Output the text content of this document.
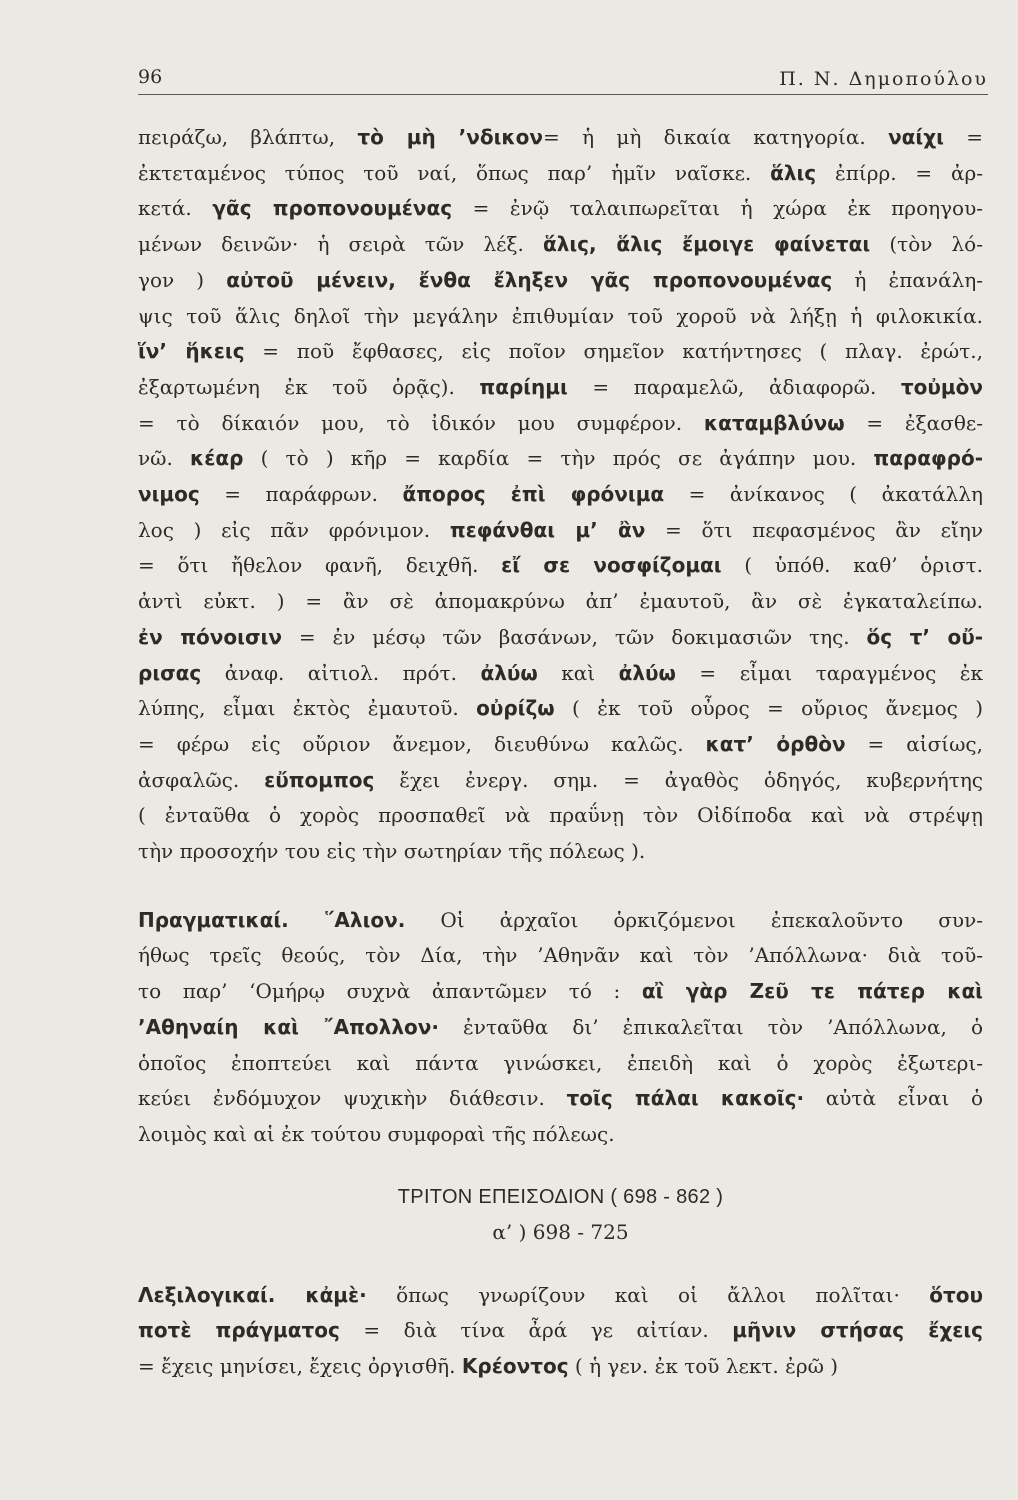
96	Π. Ν. Δημοπούλου

πειράζω, βλάπτω, τὸ μὴ ’νδικον= ἡ μὴ δικαία κατηγορία. ναίχι =

ἐκτεταμένος τύπος τοῦ ναί, ὅπως παρ’ ἡμῖν ναῖσκε. ἅλις ἐπίρρ. = ἀρ-

κετά. γᾶς προπονουμένας = ἐνῷ ταλαιπωρεῖται ἡ χώρα ἐκ προηγου-

μένων δεινῶν· ἡ σειρὰ τῶν λέξ. ἅλις, ἅλις ἔμοιγε φαίνεται (τὸν λό-

γον ) αὐτοῦ μένειν, ἔνθα ἔληξεν γᾶς προπονουμένας ἡ ἐπανάλη-

ψις τοῦ ἅλις δηλοῖ τὴν μεγάλην ἐπιθυμίαν τοῦ χοροῦ νὰ λήξῃ ἡ φιλοκικία.

ἵν’ ἥκεις = ποῦ ἔφθασες, εἰς ποῖον σημεῖον κατήντησες ( πλαγ. ἐρώτ.,

ἐξαρτωμένη ἐκ τοῦ ὁρᾷς). παρίημι = παραμελῶ, ἀδιαφορῶ. τοὐμὸν

= τὸ δίκαιόν μου, τὸ ἰδικόν μου συμφέρον. καταμβλύνω = ἐξασθε-

νῶ. κέαρ ( τὸ ) κῆρ = καρδία = τὴν πρός σε ἀγάπην μου. παραφρό-

νιμος = παράφρων. ἄπορος ἐπὶ φρόνιμα = ἀνίκανος ( ἀκατάλλη

λος ) εἰς πᾶν φρόνιμον. πεφάνθαι μ’ ἂν = ὅτι πεφασμένος ἂν εἴην

= ὅτι ἤθελον φανῆ, δειχθῆ. εἴ σε νοσφίζομαι ( ὑπόθ. καθ’ ὁριστ.

ἀντὶ εὐκτ. ) = ἂν σὲ ἀπομακρύνω ἀπ’ ἐμαυτοῦ, ἂν σὲ ἐγκαταλείπω.

ἐν πόνοισιν = ἐν μέσῳ τῶν βασάνων, τῶν δοκιμασιῶν της. ὅς τ’ οὔ-

ρισας ἀναφ. αἰτιολ. πρότ. ἀλύω καὶ ἀλύω = εἶμαι ταραγμένος ἐκ

λύπης, εἶμαι ἐκτὸς ἐμαυτοῦ. οὐρίζω ( ἐκ τοῦ οὖρος = οὔριος ἄνεμος )

= φέρω εἰς οὔριον ἄνεμον, διευθύνω καλῶς. κατ’ ὀρθὸν = αἰσίως,

ἀσφαλῶς. εὔπομπος ἔχει ἐνεργ. σημ. = ἀγαθὸς ὁδηγός, κυβερνήτης

( ἐνταῦθα ὁ χορὸς προσπαθεῖ νὰ πραΰνῃ τὸν Οἰδίποδα καὶ νὰ στρέψῃ

τὴν προσοχήν του εἰς τὴν σωτηρίαν τῆς πόλεως ).

Πραγματικαί. ῞Αλιον. Οἱ ἀρχαῖοι ὁρκιζόμενοι ἐπεκαλοῦντο συν-

ήθως τρεῖς θεούς, τὸν Δία, τὴν ’Αθηνᾶν καὶ τὸν ’Απόλλωνα· διὰ τοῦ-

το παρ’ ‘Ομήρῳ συχνὰ ἀπαντῶμεν τό : αἲ γὰρ Ζεῦ τε πάτερ καὶ

’Αθηναίη καὶ ῎Απολλον· ἐνταῦθα δι’ ἐπικαλεῖται τὸν ’Απόλλωνα, ὁ

ὁποῖος ἐποπτεύει καὶ πάντα γινώσκει, ἐπειδὴ καὶ ὁ χορὸς ἐξωτερι-

κεύει ἐνδόμυχον ψυχικὴν διάθεσιν. τοῖς πάλαι κακοῖς· αὐτὰ εἶναι ὁ

λοιμὸς καὶ αἱ ἐκ τούτου συμφοραὶ τῆς πόλεως.

ΤΡΙΤΟΝ ΕΠΕΙΣΟΔΙΟΝ ( 698 - 862 )
α’ ) 698 - 725

Λεξιλογικαί. κἀμὲ· ὅπως γνωρίζουν καὶ οἱ ἄλλοι πολῖται· ὅτου

ποτὲ πράγματος = διὰ τίνα ἆρά γε αἰτίαν. μῆνιν στήσας ἔχεις

= ἔχεις μηνίσει, ἔχεις ὀργισθῆ. Κρέοντος ( ἡ γεν. ἐκ τοῦ λεκτ. ἐρῶ )
